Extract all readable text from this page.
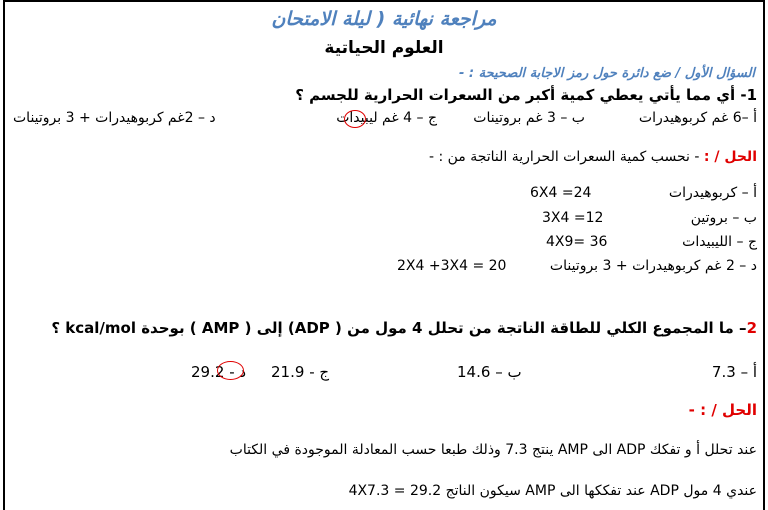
مراجعة نهائية ( ليلة الامتحان
العلوم الحياتية
السؤال الأول / ضع دائرة حول رمز الاجابة الصحيحة : -
1- أي مما يأتي يعطي كمية أكبر من السعرات الحرارية للجسم ؟
أ –6 غم كربوهيدرات
ب – 3 غم بروتينات
ج – 4 غم ليبيدات
د – 2غم كربوهيدرات + 3 بروتينات
الحل / : - نحسب كمية السعرات الحرارية الناتجة من : -
أ – كربوهيدرات
6X4 =24
ب – بروتين
3X4 =12
ج – الليبيدات
4X9= 36
د – 2 غم كربوهيدرات + 3 بروتينات
2X4 +3X4 = 20
2– ما المجموع الكلي للطاقة الناتجة من تحلل 4 مول من ( ADP) إلى ( AMP ) بوحدة kcal/mol ؟
أ – 7.3
ب – 14.6
ج - 21.9
د - 29.2
الحل / : -
عند تحلل أ و تفكك ADP الى AMP ينتج 7.3 وذلك طبعا حسب المعادلة الموجودة في الكتاب
عندي 4 مول ADP عند تفككها الى AMP سيكون الناتج 29.2 = 4X7.3
